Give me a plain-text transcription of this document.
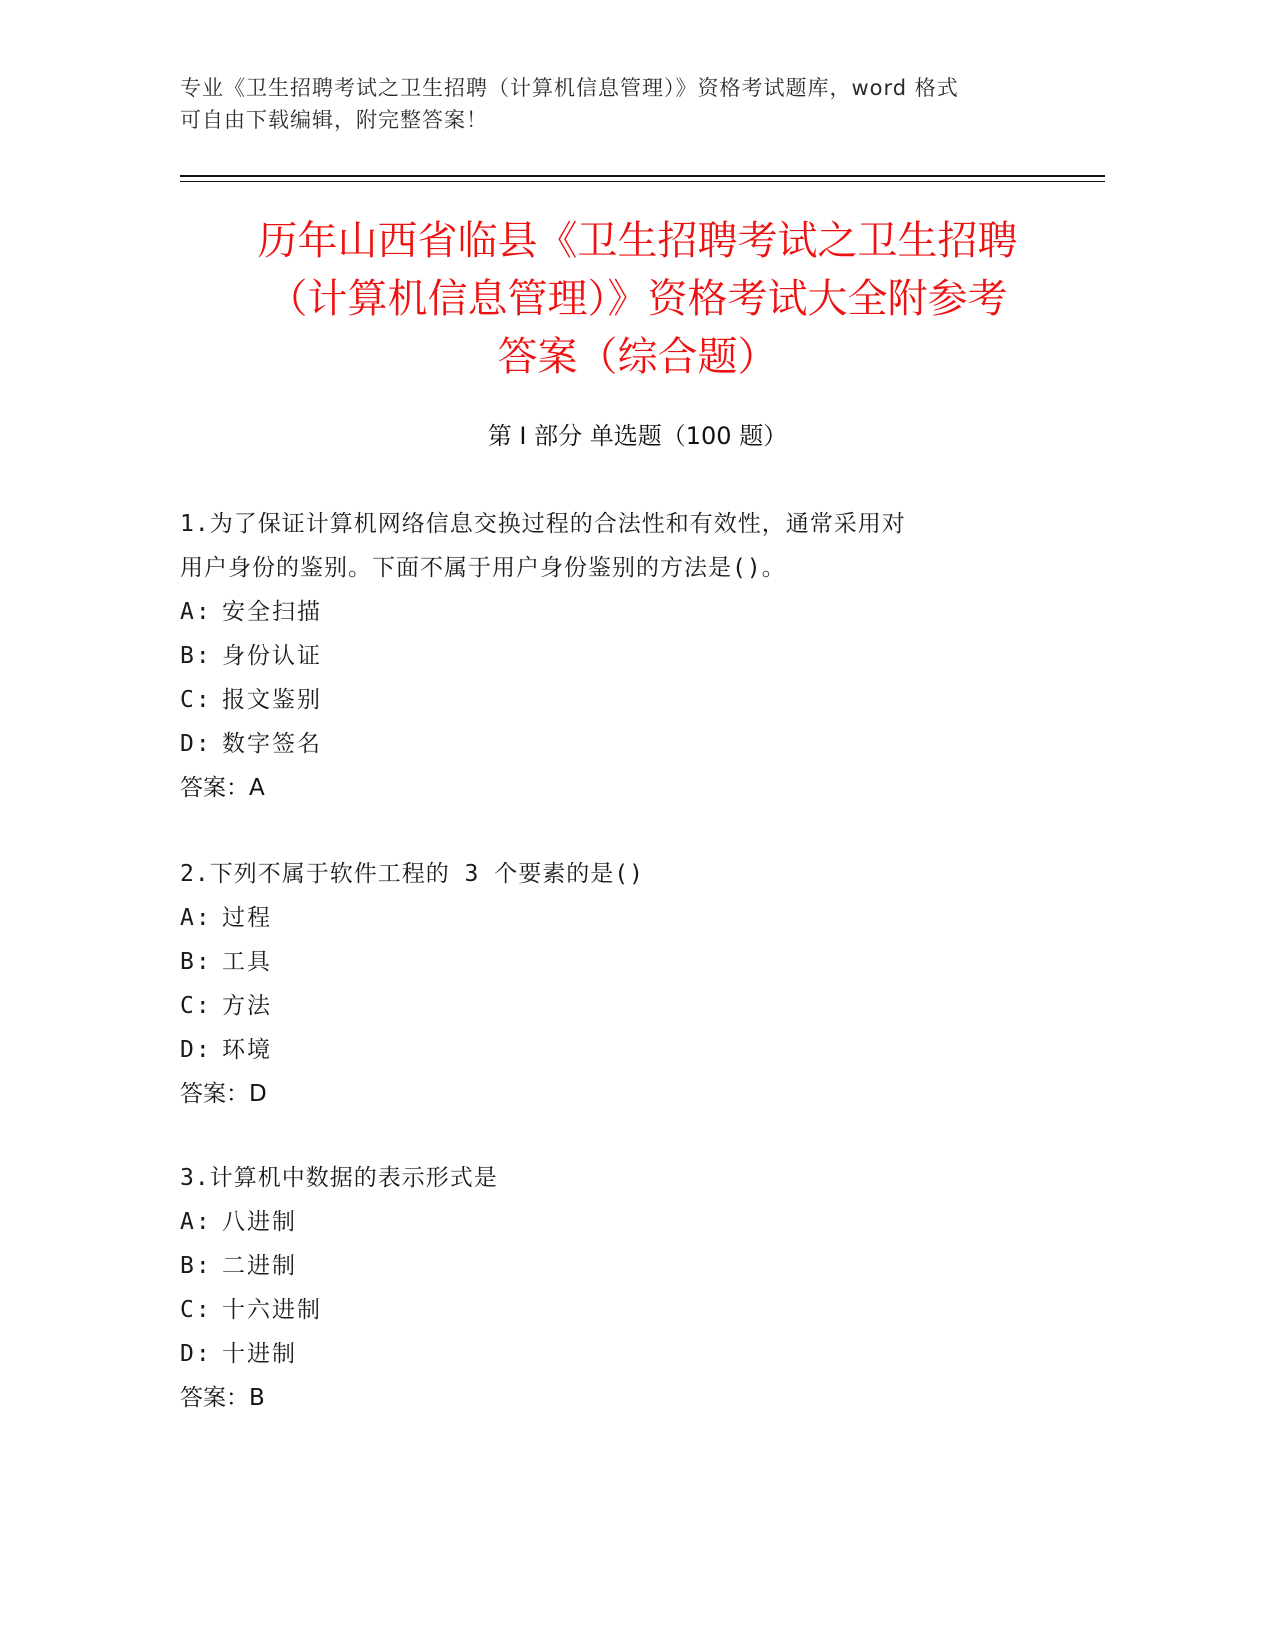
专业《卫生招聘考试之卫生招聘（计算机信息管理）》资格考试题库，word 格式
可自由下载编辑，附完整答案！
历年山西省临县《卫生招聘考试之卫生招聘
（计算机信息管理）》资格考试大全附参考
答案（综合题）
第 I 部分 单选题（100 题）
1.为了保证计算机网络信息交换过程的合法性和有效性，通常采用对
用户身份的鉴别。下面不属于用户身份鉴别的方法是()。
A: 安全扫描
B: 身份认证
C: 报文鉴别
D: 数字签名
答案：A
2.下列不属于软件工程的 3 个要素的是()
A: 过程
B: 工具
C: 方法
D: 环境
答案：D
3.计算机中数据的表示形式是
A: 八进制
B: 二进制
C: 十六进制
D: 十进制
答案：B
